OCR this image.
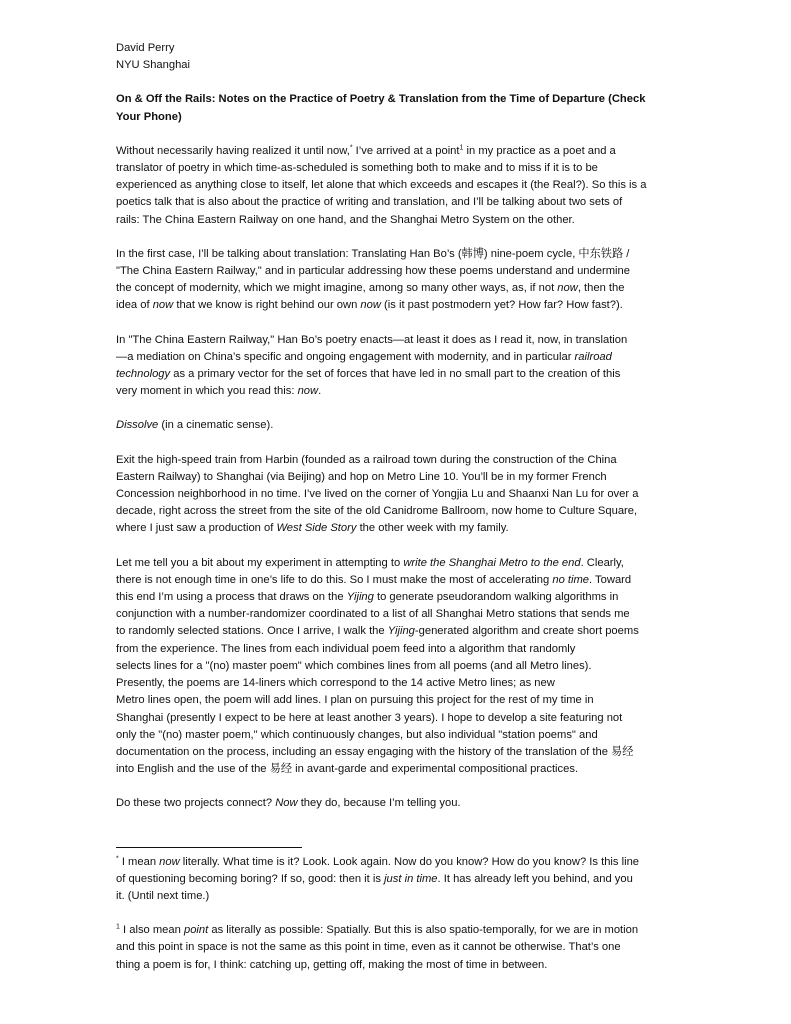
David Perry
NYU Shanghai
On & Off the Rails: Notes on the Practice of Poetry & Translation from the Time of Departure (Check
Your Phone)
Without necessarily having realized it until now,* I’ve arrived at a point$^1$ in my practice as a poet and a
translator of poetry in which time-as-scheduled is something both to make and to miss if it is to be
experienced as anything close to itself, let alone that which exceeds and escapes it (the Real?). So this is a
poetics talk that is also about the practice of writing and translation, and I’ll be talking about two sets of
rails: The China Eastern Railway on one hand, and the Shanghai Metro System on the other.
In the first case, I’ll be talking about translation: Translating Han Bo’s (韩博) nine-poem cycle, 中东铁路 /
"The China Eastern Railway," and in particular addressing how these poems understand and undermine
the concept of modernity, which we might imagine, among so many other ways, as, if not now, then the
idea of now that we know is right behind our own now (is it past postmodern yet? How far? How fast?).
In "The China Eastern Railway," Han Bo’s poetry enacts—at least it does as I read it, now, in translation
—a mediation on China’s specific and ongoing engagement with modernity, and in particular railroad
technology as a primary vector for the set of forces that have led in no small part to the creation of this
very moment in which you read this: now.
Dissolve (in a cinematic sense).
Exit the high-speed train from Harbin (founded as a railroad town during the construction of the China
Eastern Railway) to Shanghai (via Beijing) and hop on Metro Line 10. You’ll be in my former French
Concession neighborhood in no time. I’ve lived on the corner of Yongjia Lu and Shaanxi Nan Lu for over a
decade, right across the street from the site of the old Canidrome Ballroom, now home to Culture Square,
where I just saw a production of West Side Story the other week with my family.
Let me tell you a bit about my experiment in attempting to write the Shanghai Metro to the end. Clearly,
there is not enough time in one’s life to do this. So I must make the most of accelerating no time. Toward
this end I’m using a process that draws on the Yijing to generate pseudorandom walking algorithms in
conjunction with a number-randomizer coordinated to a list of all Shanghai Metro stations that sends me
to randomly selected stations. Once I arrive, I walk the Yijing-generated algorithm and create short poems
from the experience. The lines from each individual poem feed into a algorithm that randomly
selects lines for a "(no) master poem" which combines lines from all poems (and all Metro lines).
Presently, the poems are 14-liners which correspond to the 14 active Metro lines; as new
Metro lines open, the poem will add lines. I plan on pursuing this project for the rest of my time in
Shanghai (presently I expect to be here at least another 3 years). I hope to develop a site featuring not
only the "(no) master poem," which continuously changes, but also individual "station poems" and
documentation on the process, including an essay engaging with the history of the translation of the 易经
into English and the use of the 易经 in avant-garde and experimental compositional practices.
Do these two projects connect? Now they do, because I’m telling you.
* I mean now literally. What time is it? Look. Look again. Now do you know? How do you know? Is this line
of questioning becoming boring? If so, good: then it is just in time. It has already left you behind, and you
it. (Until next time.)
$^1$ I also mean point as literally as possible: Spatially. But this is also spatio-temporally, for we are in motion
and this point in space is not the same as this point in time, even as it cannot be otherwise. That’s one
thing a poem is for, I think: catching up, getting off, making the most of time in between.
